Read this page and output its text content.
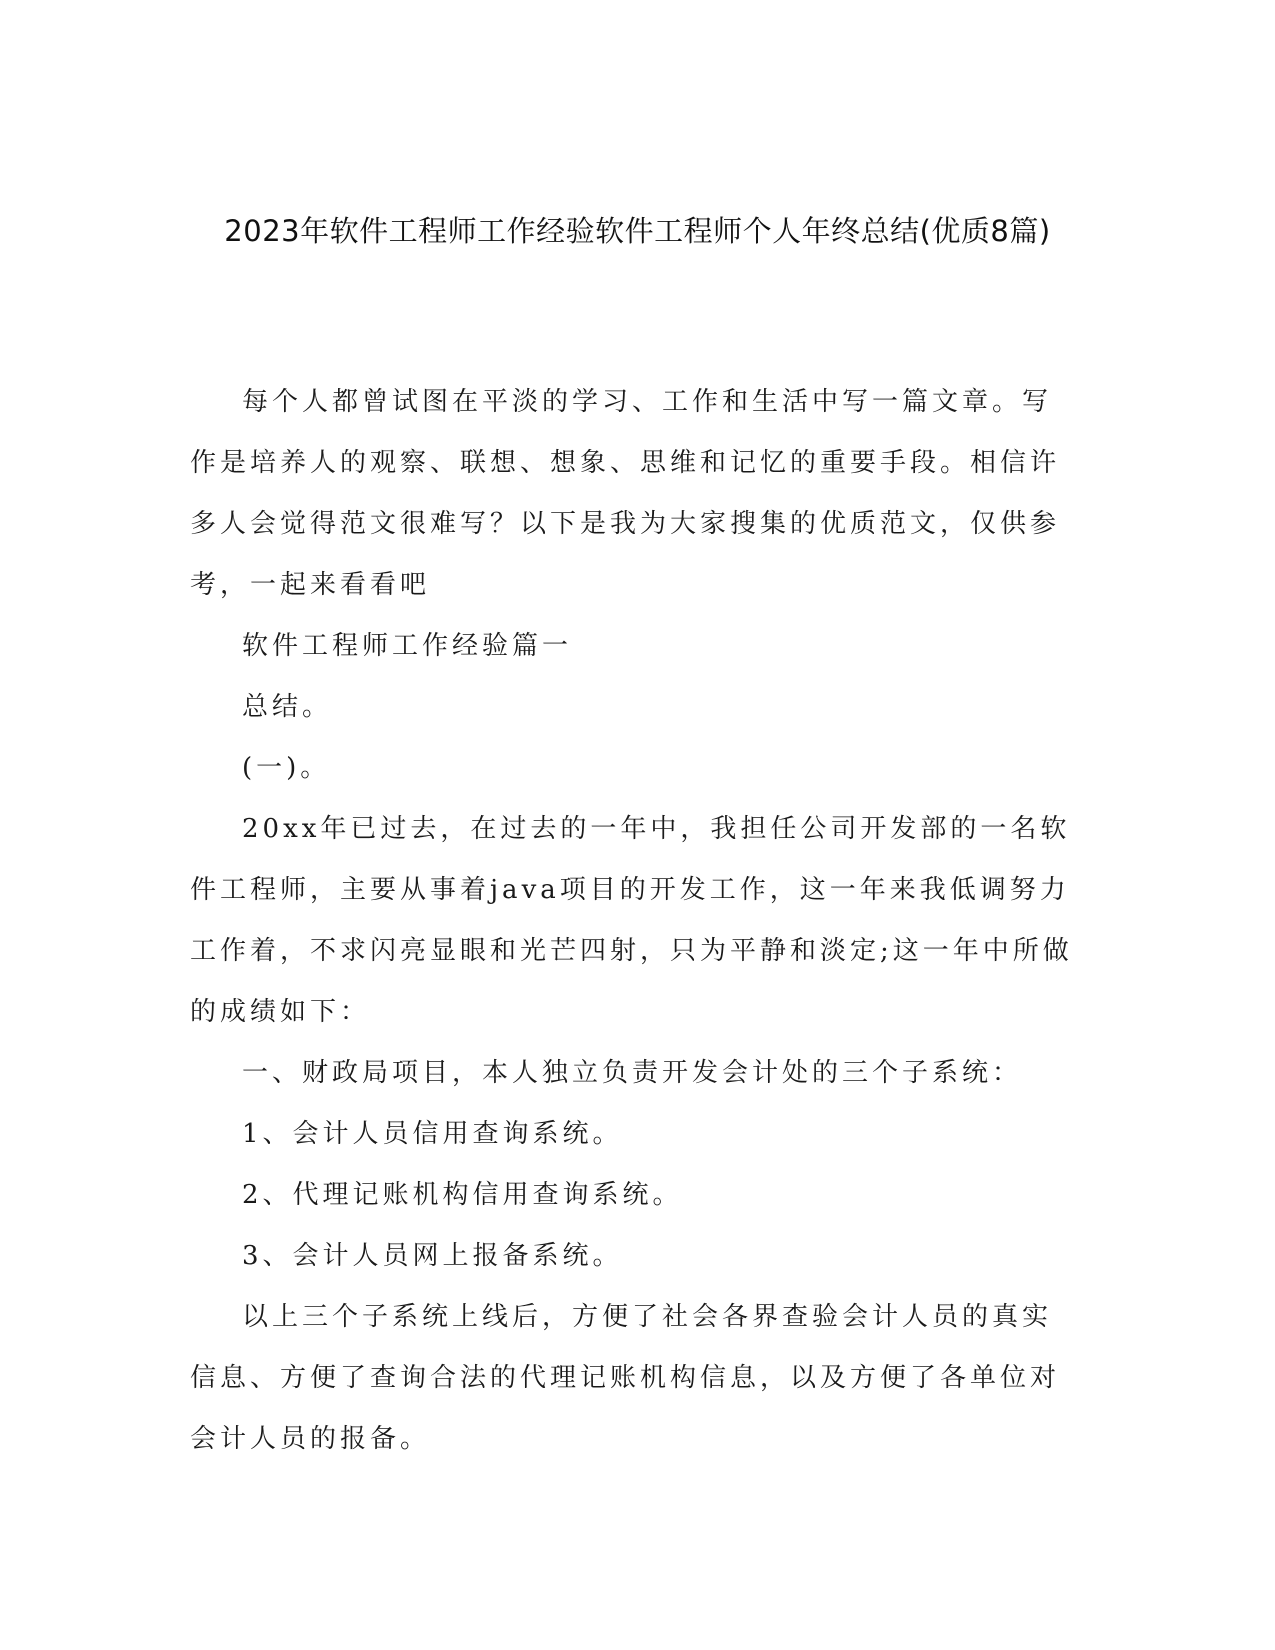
2023年软件工程师工作经验软件工程师个人年终总结(优质8篇)

每个人都曾试图在平淡的学习、工作和生活中写一篇文章。写作是培养人的观察、联想、想象、思维和记忆的重要手段。相信许多人会觉得范文很难写？以下是我为大家搜集的优质范文，仅供参考，一起来看看吧

软件工程师工作经验篇一

总结。

(一)。

20xx年已过去，在过去的一年中，我担任公司开发部的一名软件工程师，主要从事着java项目的开发工作，这一年来我低调努力工作着，不求闪亮显眼和光芒四射，只为平静和淡定;这一年中所做的成绩如下：

一、财政局项目，本人独立负责开发会计处的三个子系统：

1、会计人员信用查询系统。

2、代理记账机构信用查询系统。

3、会计人员网上报备系统。

以上三个子系统上线后，方便了社会各界查验会计人员的真实信息、方便了查询合法的代理记账机构信息，以及方便了各单位对会计人员的报备。
